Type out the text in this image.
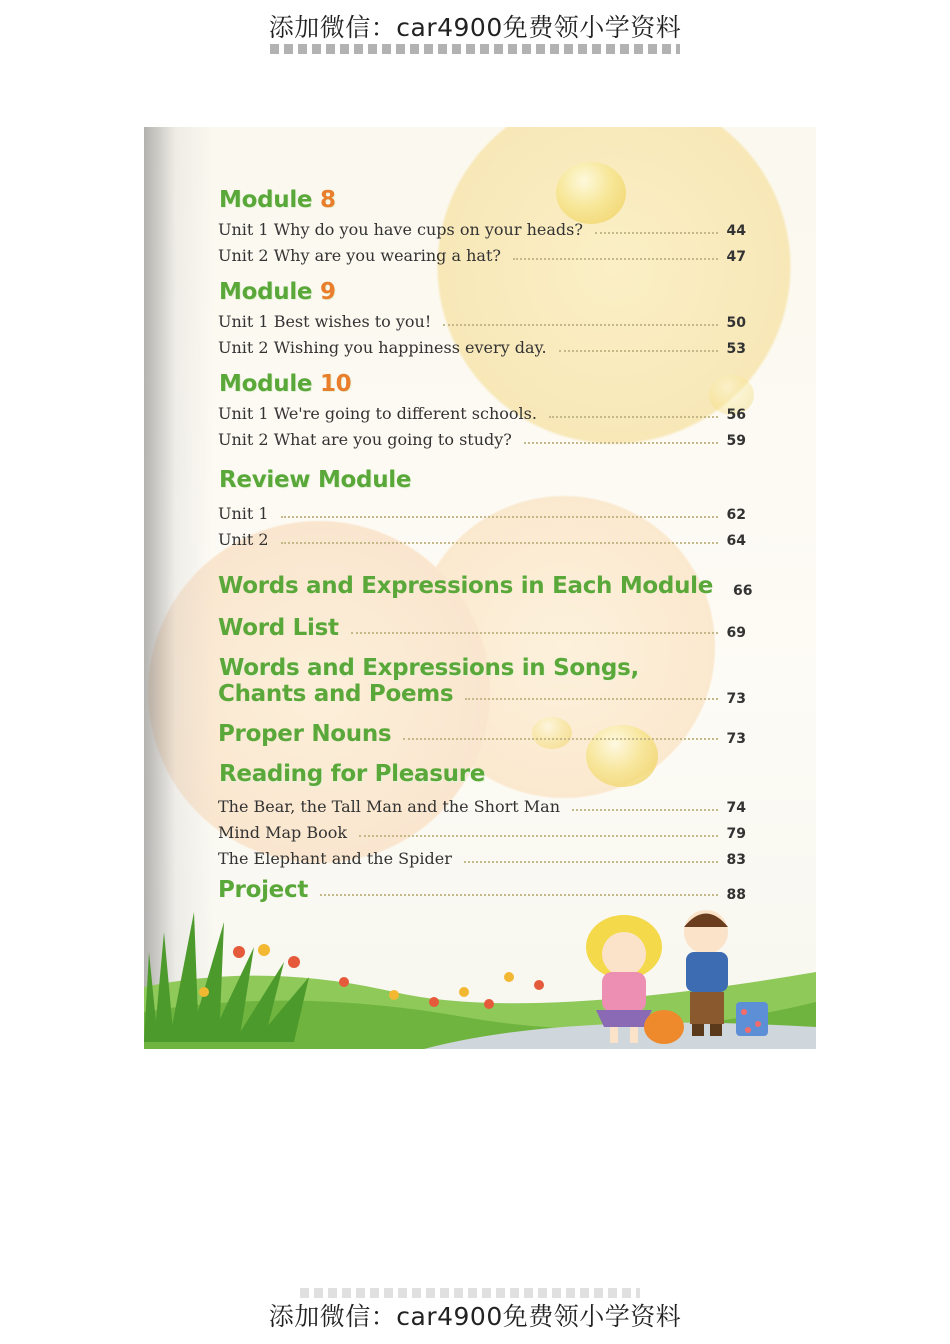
添加微信：car4900免费领小学资料
Module 8
Unit 1 Why do you have cups on your heads?	44
Unit 2 Why are you wearing a hat?	47
Module 9
Unit 1 Best wishes to you!	50
Unit 2 Wishing you happiness every day.	53
Module 10
Unit 1 We're going to different schools.	56
Unit 2 What are you going to study?	59
Review Module
Unit 1	62
Unit 2	64
Words and Expressions in Each Module 66
Word List	69
Words and Expressions in Songs,
Chants and Poems	73
Proper Nouns	73
Reading for Pleasure
The Bear, the Tall Man and the Short Man	74
Mind Map Book	79
The Elephant and the Spider	83
Project	88
添加微信：car4900免费领小学资料
